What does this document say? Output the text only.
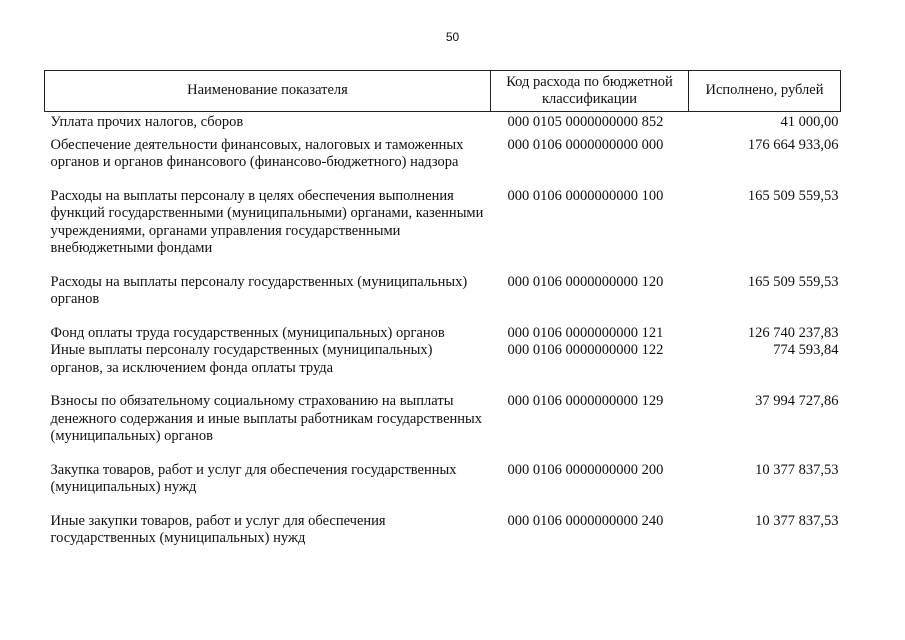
50
Наименование показателя	Код расхода по бюджетной классификации	Исполнено, рублей
Уплата прочих налогов, сборов	000 0105 0000000000 852	41 000,00
Обеспечение деятельности финансовых, налоговых и таможенных органов и органов финансового (финансово-бюджетного) надзора	000 0106 0000000000 000	176 664 933,06
Расходы на выплаты персоналу в целях обеспечения выполнения функций государственными (муниципальными) органами, казенными учреждениями, органами управления государственными внебюджетными фондами	000 0106 0000000000 100	165 509 559,53
Расходы на выплаты персоналу государственных (муниципальных) органов	000 0106 0000000000 120	165 509 559,53
Фонд оплаты труда государственных (муниципальных) органов	000 0106 0000000000 121	126 740 237,83
Иные выплаты персоналу государственных (муниципальных) органов, за исключением фонда оплаты труда	000 0106 0000000000 122	774 593,84
Взносы по обязательному социальному страхованию на выплаты денежного содержания и иные выплаты работникам государственных (муниципальных) органов	000 0106 0000000000 129	37 994 727,86
Закупка товаров, работ и услуг для обеспечения государственных (муниципальных) нужд	000 0106 0000000000 200	10 377 837,53
Иные закупки товаров, работ и услуг для обеспечения государственных (муниципальных) нужд	000 0106 0000000000 240	10 377 837,53
